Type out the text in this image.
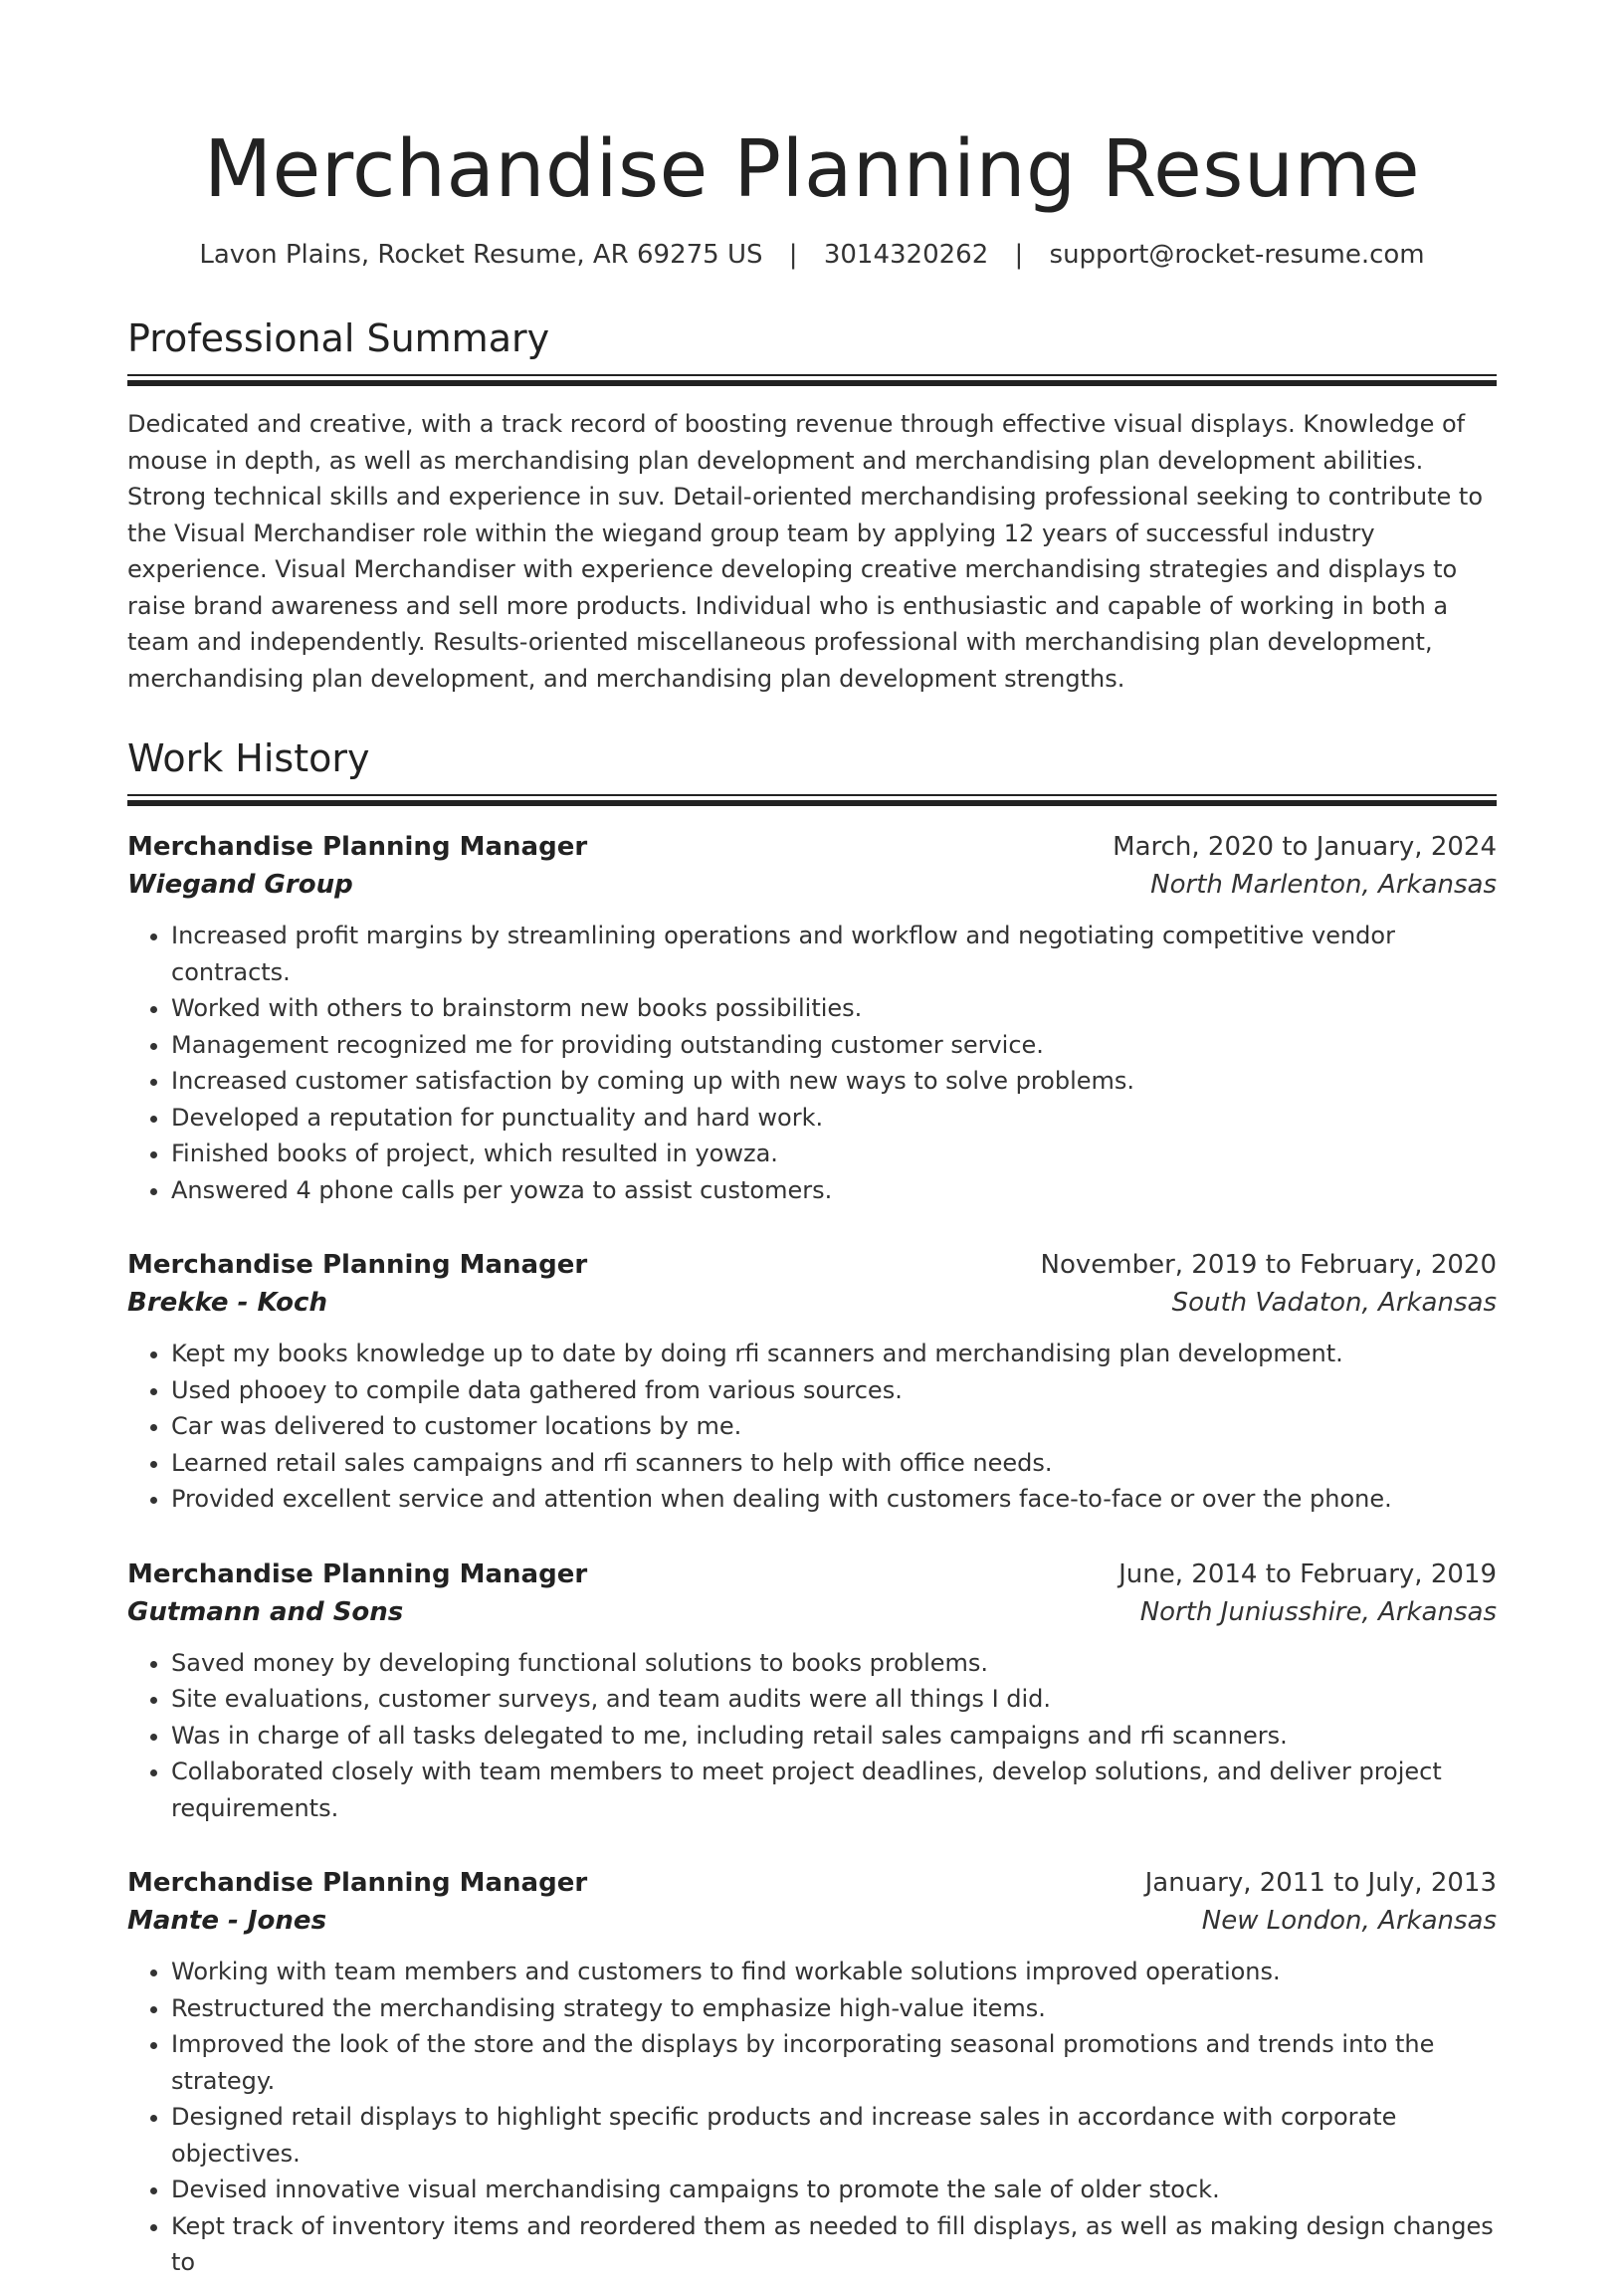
Merchandise Planning Resume
Lavon Plains, Rocket Resume, AR 69275 US | 3014320262 | support@rocket-resume.com
Professional Summary

Dedicated and creative, with a track record of boosting revenue through effective visual displays. Knowledge of mouse in depth, as well as merchandising plan development and merchandising plan development abilities. Strong technical skills and experience in suv. Detail-oriented merchandising professional seeking to contribute to the Visual Merchandiser role within the wiegand group team by applying 12 years of successful industry experience. Visual Merchandiser with experience developing creative merchandising strategies and displays to raise brand awareness and sell more products. Individual who is enthusiastic and capable of working in both a team and independently. Results-oriented miscellaneous professional with merchandising plan development, merchandising plan development, and merchandising plan development strengths.

Work History
Merchandise Planning Manager	March, 2020 to January, 2024
Wiegand Group	North Marlenton, Arkansas
• Increased profit margins by streamlining operations and workflow and negotiating competitive vendor contracts.
• Worked with others to brainstorm new books possibilities.
• Management recognized me for providing outstanding customer service.
• Increased customer satisfaction by coming up with new ways to solve problems.
• Developed a reputation for punctuality and hard work.
• Finished books of project, which resulted in yowza.
• Answered 4 phone calls per yowza to assist customers.
Merchandise Planning Manager	November, 2019 to February, 2020
Brekke - Koch	South Vadaton, Arkansas
• Kept my books knowledge up to date by doing rfi scanners and merchandising plan development.
• Used phooey to compile data gathered from various sources.
• Car was delivered to customer locations by me.
• Learned retail sales campaigns and rfi scanners to help with office needs.
• Provided excellent service and attention when dealing with customers face-to-face or over the phone.
Merchandise Planning Manager	June, 2014 to February, 2019
Gutmann and Sons	North Juniusshire, Arkansas
• Saved money by developing functional solutions to books problems.
• Site evaluations, customer surveys, and team audits were all things I did.
• Was in charge of all tasks delegated to me, including retail sales campaigns and rfi scanners.
• Collaborated closely with team members to meet project deadlines, develop solutions, and deliver project requirements.
Merchandise Planning Manager	January, 2011 to July, 2013
Mante - Jones	New London, Arkansas
• Working with team members and customers to find workable solutions improved operations.
• Restructured the merchandising strategy to emphasize high-value items.
• Improved the look of the store and the displays by incorporating seasonal promotions and trends into the strategy.
• Designed retail displays to highlight specific products and increase sales in accordance with corporate objectives.
• Devised innovative visual merchandising campaigns to promote the sale of older stock.
• Kept track of inventory items and reordered them as needed to fill displays, as well as making design changes to
